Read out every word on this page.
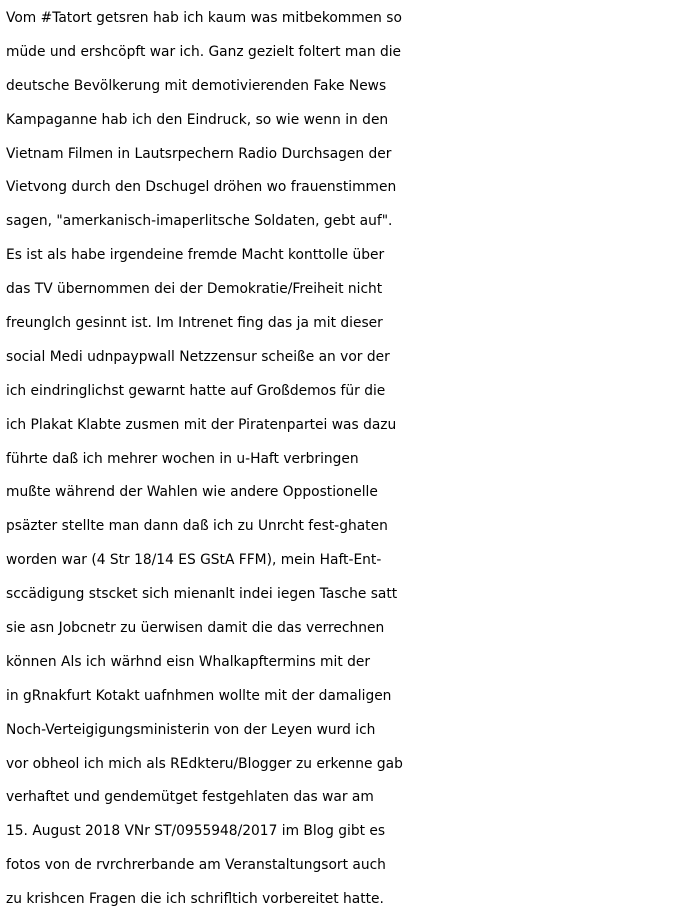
Vom #Tatort getsren hab ich kaum was mitbekommen so
müde und ershcöpft war ich. Ganz gezielt foltert man die
deutsche Bevölkerung mit demotivierenden Fake News
Kampaganne hab ich den Eindruck, so wie wenn in den
Vietnam Filmen in Lautsrpechern Radio Durchsagen der
Vietvong durch den Dschugel dröhen wo frauenstimmen
sagen, "amerkanisch-imaperlitsche Soldaten, gebt auf".
Es ist als habe irgendeine fremde Macht konttolle über
das TV übernommen dei der Demokratie/Freiheit nicht
freunglch gesinnt ist. Im Intrenet fing das ja mit dieser
social Medi udnpaypwall Netzzensur scheiße an vor der
ich eindringlichst gewarnt hatte auf Großdemos für die
ich Plakat Klabte zusmen mit der Piratenpartei was dazu
führte daß ich mehrer wochen in u-Haft verbringen
mußte während der Wahlen wie andere Oppostionelle
psäzter stellte man dann daß ich zu Unrcht fest-ghaten
worden war (4 Str 18/14 ES GStA FFM), mein Haft-Ent-
sccädigung stscket sich mienanlt indei iegen Tasche satt
sie asn Jobcnetr zu üerwisen damit die das verrechnen
können Als ich wärhnd eisn Whalkapftermins mit der
in gRnakfurt Kotakt uafnhmen wollte mit der damaligen
Noch-Verteigigungsministerin von der Leyen wurd ich
vor obheol ich mich als REdkteru/Blogger zu erkenne gab
verhaftet und gendemütget festgehlaten das war am
15. August 2018 VNr ST/0955948/2017 im Blog gibt es
fotos von de rvrchrerbande am Veranstaltungsort auch
zu krishcen Fragen die ich schrifltich vorbereitet hatte.
